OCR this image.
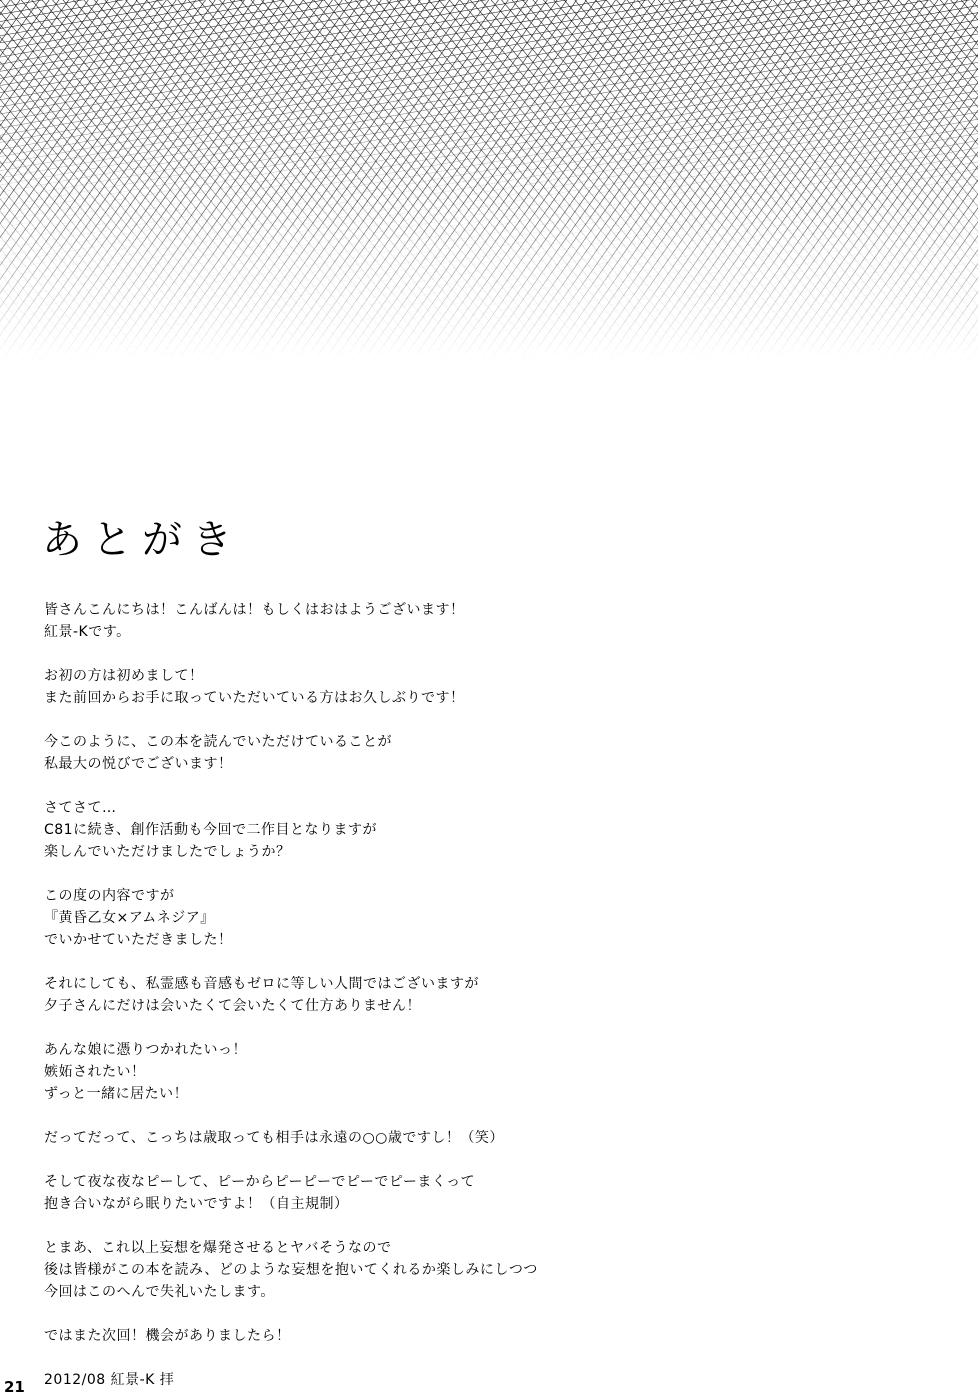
あとがき
皆さんこんにちは！こんばんは！もしくはおはようございます！
紅景-Kです。
お初の方は初めまして！
また前回からお手に取っていただいている方はお久しぶりです！
今このように、この本を読んでいただけていることが
私最大の悦びでございます！
さてさて…
C81に続き、創作活動も今回で二作目となりますが
楽しんでいただけましたでしょうか？
この度の内容ですが
『黄昏乙女×アムネジア』
でいかせていただきました！
それにしても、私霊感も音感もゼロに等しい人間ではございますが
夕子さんにだけは会いたくて会いたくて仕方ありません！
あんな娘に憑りつかれたいっ！
嫉妬されたい！
ずっと一緒に居たい！
だってだって、こっちは歳取っても相手は永遠の○○歳ですし！（笑）
そして夜な夜なピーして、ピーからピーピーでピーでピーまくって
抱き合いながら眠りたいですよ！（自主規制）
とまあ、これ以上妄想を爆発させるとヤバそうなので
後は皆様がこの本を読み、どのような妄想を抱いてくれるか楽しみにしつつ
今回はこのへんで失礼いたします。
ではまた次回！機会がありましたら！
2012/08 紅景-K 拝
21
